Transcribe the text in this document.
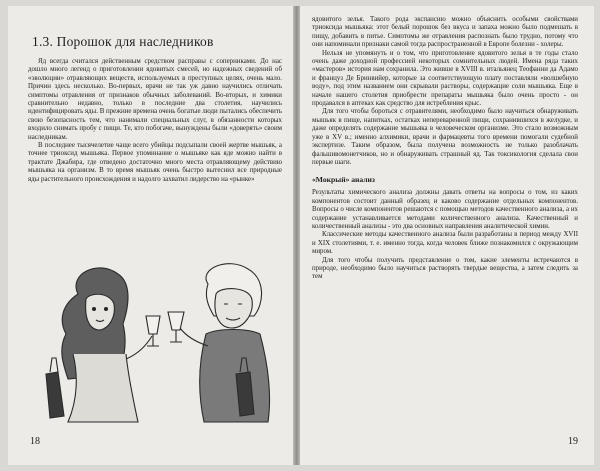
1.3. Порошок для наследников

Яд всегда считался действенным средством расправы с соперниками. До нас дошло много легенд о приготовлении ядовитых смесей, но надежных сведений об «эволюции» отравляющих веществ, используемых в преступных целях, очень мало. Причин здесь несколько. Во-первых, врачи не так уж давно научились отличать симптомы отравления от признаков обычных заболеваний. Во-вторых, и химики сравнительно недавно, только в последние два столетия, научились идентифицировать яды. В прежние времена очень богатые люди пытались обеспечить свою безопасность тем, что нанимали специальных слуг, в обязанности которых входило снимать пробу с пищи. Те, кто побогаче, вынуждены были «доверять» своим наследникам.

В последнее тысячелетие чаще всего убийцы подсыпали своей жертве мышьяк, а точнее триоксид мышьяка. Первое упоминание о мышьяке как яде можно найти в трактате Джабира, где отведено достаточно много места отравляющему действию мышьяка на организм. В то время мышьяк очень быстро вытеснил все природные яды растительного происхождения и надолго захватил лидерство на «рынке»

18

ядовитого зелья. Такого рода экспансию можно объяснить особыми свойствами триоксида мышьяка: этот белый порошок без вкуса и запаха можно было подмешать в пищу, добавить в питье. Симптомы же отравления распознать было трудно, потому что они напоминали признаки самой тогда распространенной в Европе болезни - холеры.

Нельзя не упомянуть и о том, что приготовление ядовитого зелья в те годы стало очень даже доходной профессией некоторых сомнительных людей. Имена ряда таких «мастеров» история нам сохранила. Это живше в XVIII в. итальянец Теофанни да Адамо и француз Де Бринвийер, которые за соответствующую плату поставляли «волшебную воду», под этим названием они скрывали растворы, содержащие соли мышьяка. Еще в начале нашего столетия приобрести препараты мышьяка было очень просто - он продавался в аптеках как средство для истребления крыс.

Для того чтобы бороться с отравителями, необходимо было научиться обнаруживать мышьяк в пище, напитках, остатках непереваренной пищи, сохранившихся в желудке, и даже определять содержание мышьяка в человеческом организме. Это стало возможным уже в XV в.; именно алхимики, врачи и фармацевты того времени помогали судебной экспертизе. Таким образом, была получена возможность не только разоблачать фальшивомонетчиков, но и обнаруживать страшный яд. Так токсикология сделала свои первые шаги.

«Мокрый» анализ

Результаты химического анализа должны давать ответы на вопросы о том, из каких компонентов состоит данный образец и каково содержание отдельных компонентов. Вопросы о числе компонентов решаются с помощью методов качественного анализа, а их содержание устанавливается методами количественного анализа. Качественный и количественный анализы - это два основных направления аналитической химии.

Классические методы качественного анализа были разработаны в период между XVII и XIX столетиями, т. е. именно тогда, когда человек ближе познакомился с окружающим миром.

Для того чтобы получить представление о том, какие элементы встречаются в природе, необходимо было научиться растворять твердые вещества, а затем следить за тем

19
